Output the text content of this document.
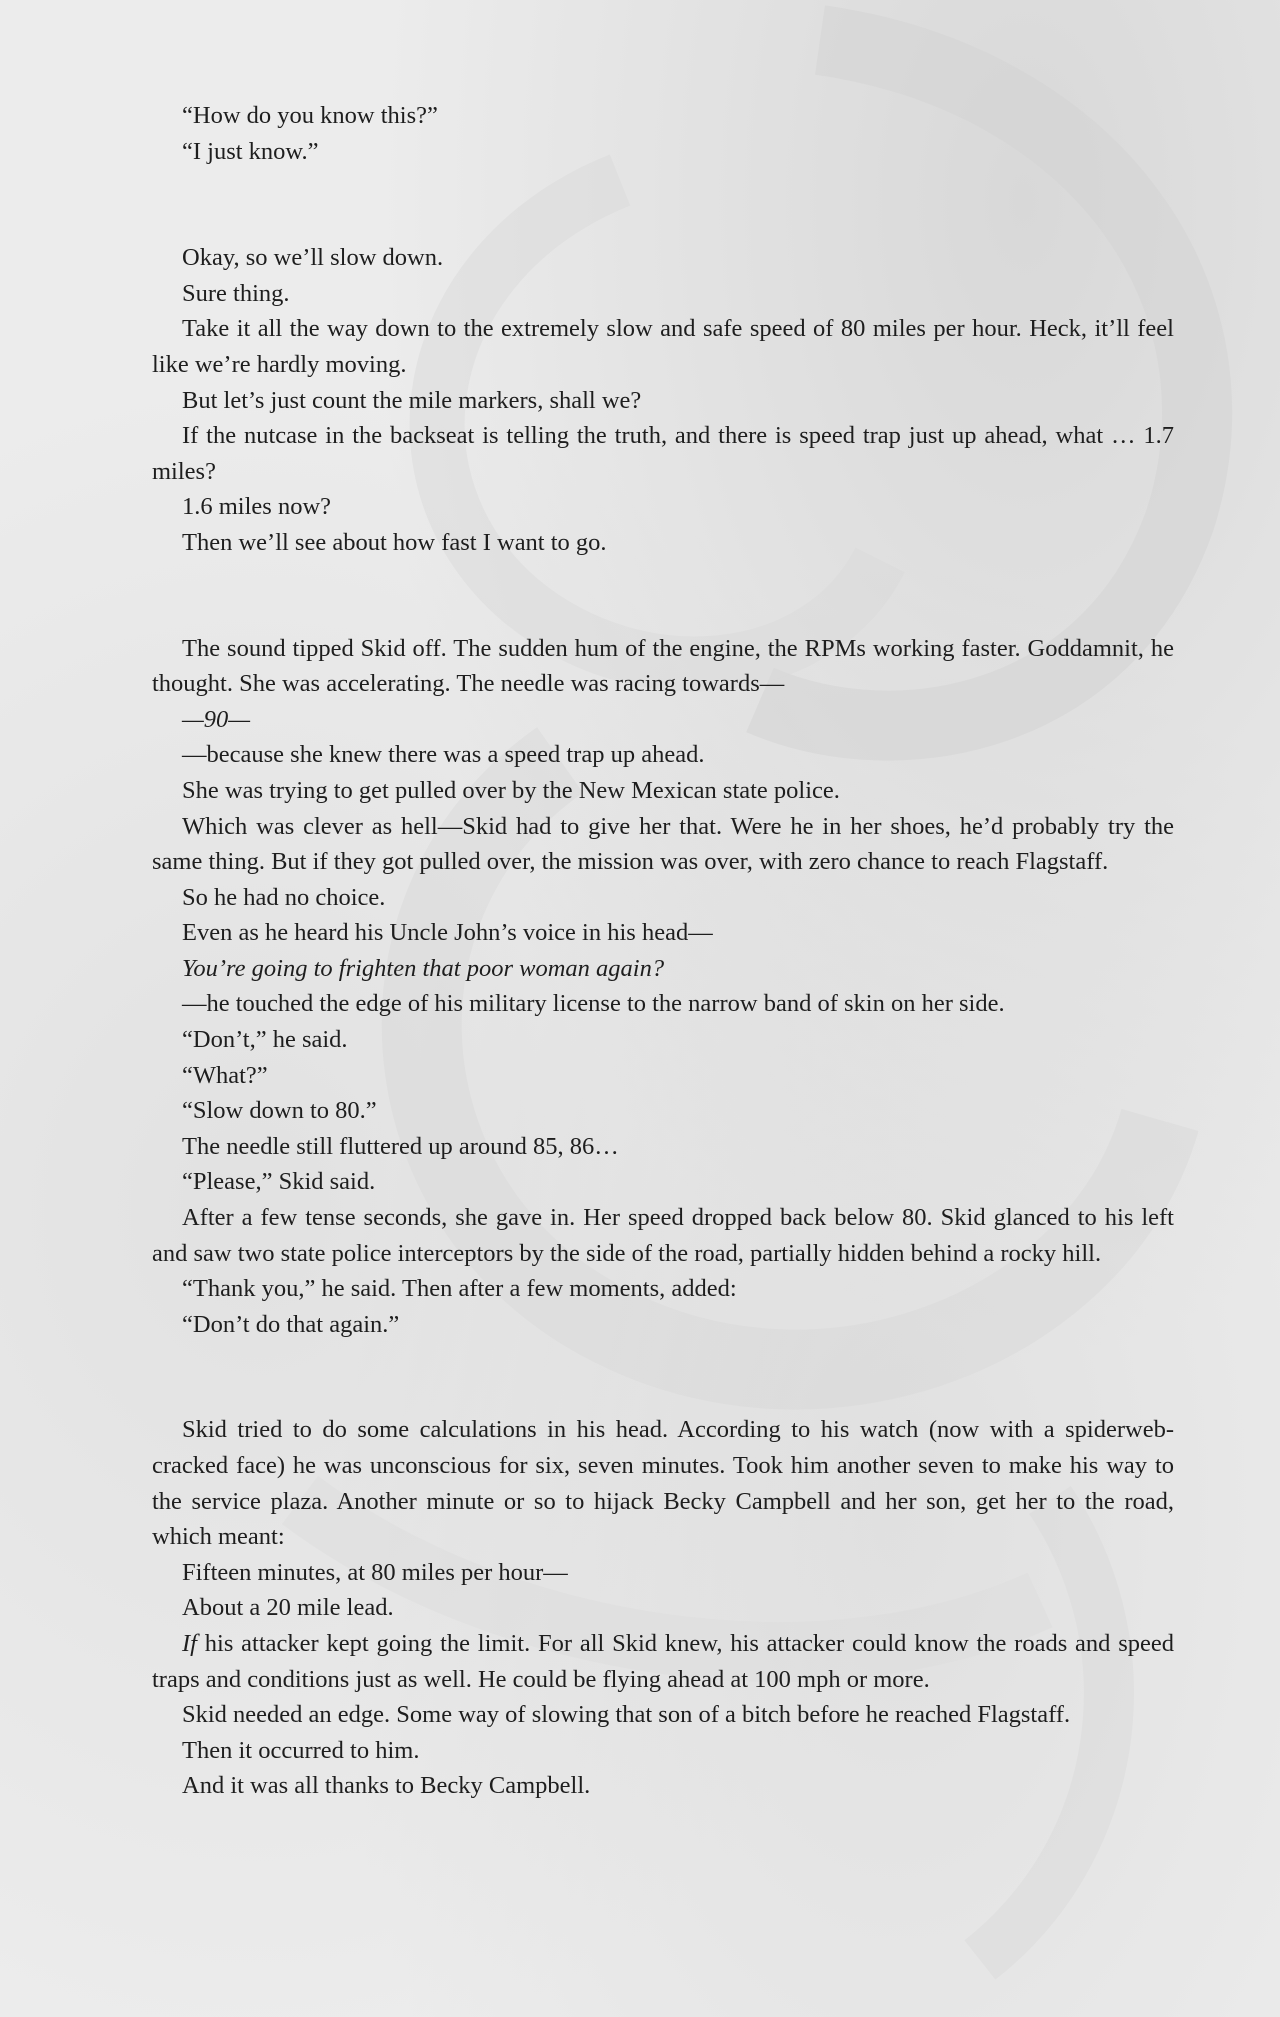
“How do you know this?”

“I just know.”

Okay, so we’ll slow down.

Sure thing.

Take it all the way down to the extremely slow and safe speed of 80 miles per hour. Heck, it’ll feel like we’re hardly moving.

But let’s just count the mile markers, shall we?

If the nutcase in the backseat is telling the truth, and there is speed trap just up ahead, what … 1.7 miles?

1.6 miles now?

Then we’ll see about how fast I want to go.

The sound tipped Skid off. The sudden hum of the engine, the RPMs working faster. Goddamnit, he thought. She was accelerating. The needle was racing towards—

—90—

—because she knew there was a speed trap up ahead.

She was trying to get pulled over by the New Mexican state police.

Which was clever as hell—Skid had to give her that. Were he in her shoes, he’d probably try the same thing. But if they got pulled over, the mission was over, with zero chance to reach Flagstaff.

So he had no choice.

Even as he heard his Uncle John’s voice in his head—

You’re going to frighten that poor woman again?

—he touched the edge of his military license to the narrow band of skin on her side.

“Don’t,” he said.

“What?”

“Slow down to 80.”

The needle still fluttered up around 85, 86…

“Please,” Skid said.

After a few tense seconds, she gave in. Her speed dropped back below 80. Skid glanced to his left and saw two state police interceptors by the side of the road, partially hidden behind a rocky hill.

“Thank you,” he said. Then after a few moments, added:

“Don’t do that again.”

Skid tried to do some calculations in his head. According to his watch (now with a spiderweb-cracked face) he was unconscious for six, seven minutes. Took him another seven to make his way to the service plaza. Another minute or so to hijack Becky Campbell and her son, get her to the road, which meant:

Fifteen minutes, at 80 miles per hour—

About a 20 mile lead.

If his attacker kept going the limit. For all Skid knew, his attacker could know the roads and speed traps and conditions just as well. He could be flying ahead at 100 mph or more.

Skid needed an edge. Some way of slowing that son of a bitch before he reached Flagstaff.

Then it occurred to him.

And it was all thanks to Becky Campbell.
